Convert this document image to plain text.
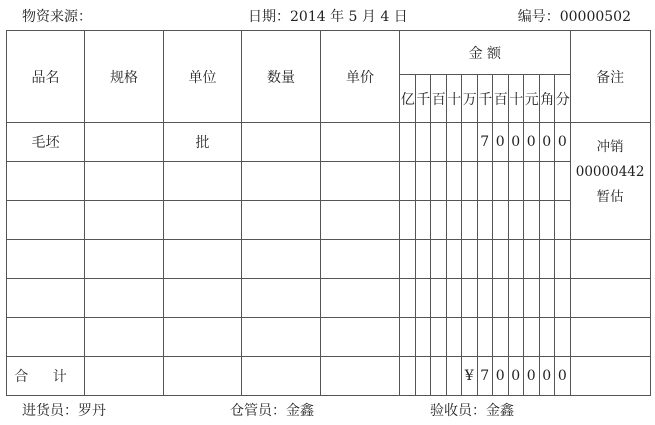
物资来源：	日期：2014 年 5 月 4 日	编号：00000502
品名	规格	单位	数量	单价	金 额											备注
					亿	千	百	十	万	千	百	十	元	角	分	
毛坯		批								7	0	0	0	0	0	冲销
00000442
暂估

合 计									¥	7	0	0	0	0	0	
进货员：罗丹	仓管员：金鑫	验收员：金鑫
